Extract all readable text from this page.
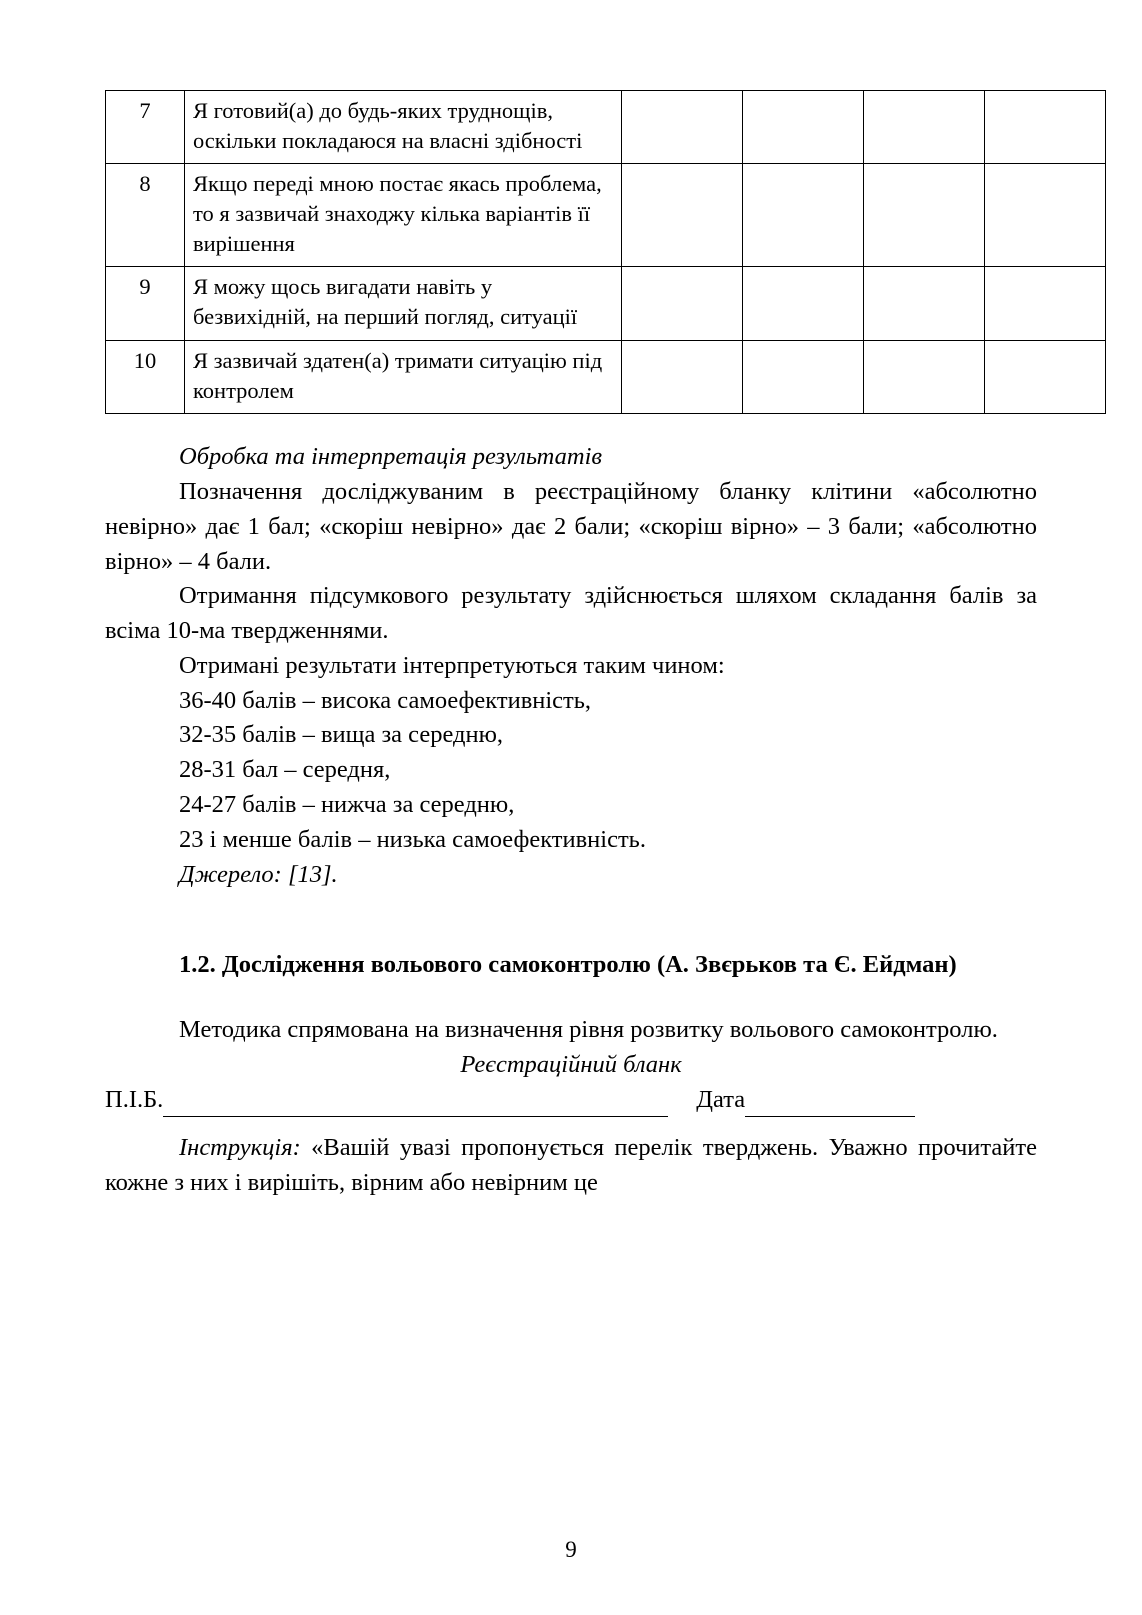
7	Я готовий(а) до будь-яких труднощів, оскільки покладаюся на власні здібності				
8	Якщо переді мною постає якась проблема, то я зазвичай знаходжу кілька варіантів її вирішення				
9	Я можу щось вигадати навіть у безвихідній, на перший погляд, ситуації				
10	Я зазвичай здатен(а) тримати ситуацію під контролем				

Обробка та інтерпретація результатів

Позначення досліджуваним в реєстраційному бланку клітини «абсолютно невірно» дає 1 бал; «скоріш невірно» дає 2 бали; «скоріш вірно» – 3 бали; «абсолютно вірно» – 4 бали.

Отримання підсумкового результату здійснюється шляхом складання балів за всіма 10-ма твердженнями.

Отримані результати інтерпретуються таким чином:

36-40 балів – висока самоефективність,

32-35 балів – вища за середню,

28-31 бал – середня,

24-27 балів – нижча за середню,

23 і менше балів – низька самоефективність.

Джерело: [13].

1.2. Дослідження вольового самоконтролю (А. Звєрьков та Є. Ейдман)

Методика спрямована на визначення рівня розвитку вольового самоконтролю.

Реєстраційний бланк

П.І.Б.	Дата

Інструкція: «Вашій увазі пропонується перелік тверджень. Уважно прочитайте кожне з них і вирішіть, вірним або невірним це

9
